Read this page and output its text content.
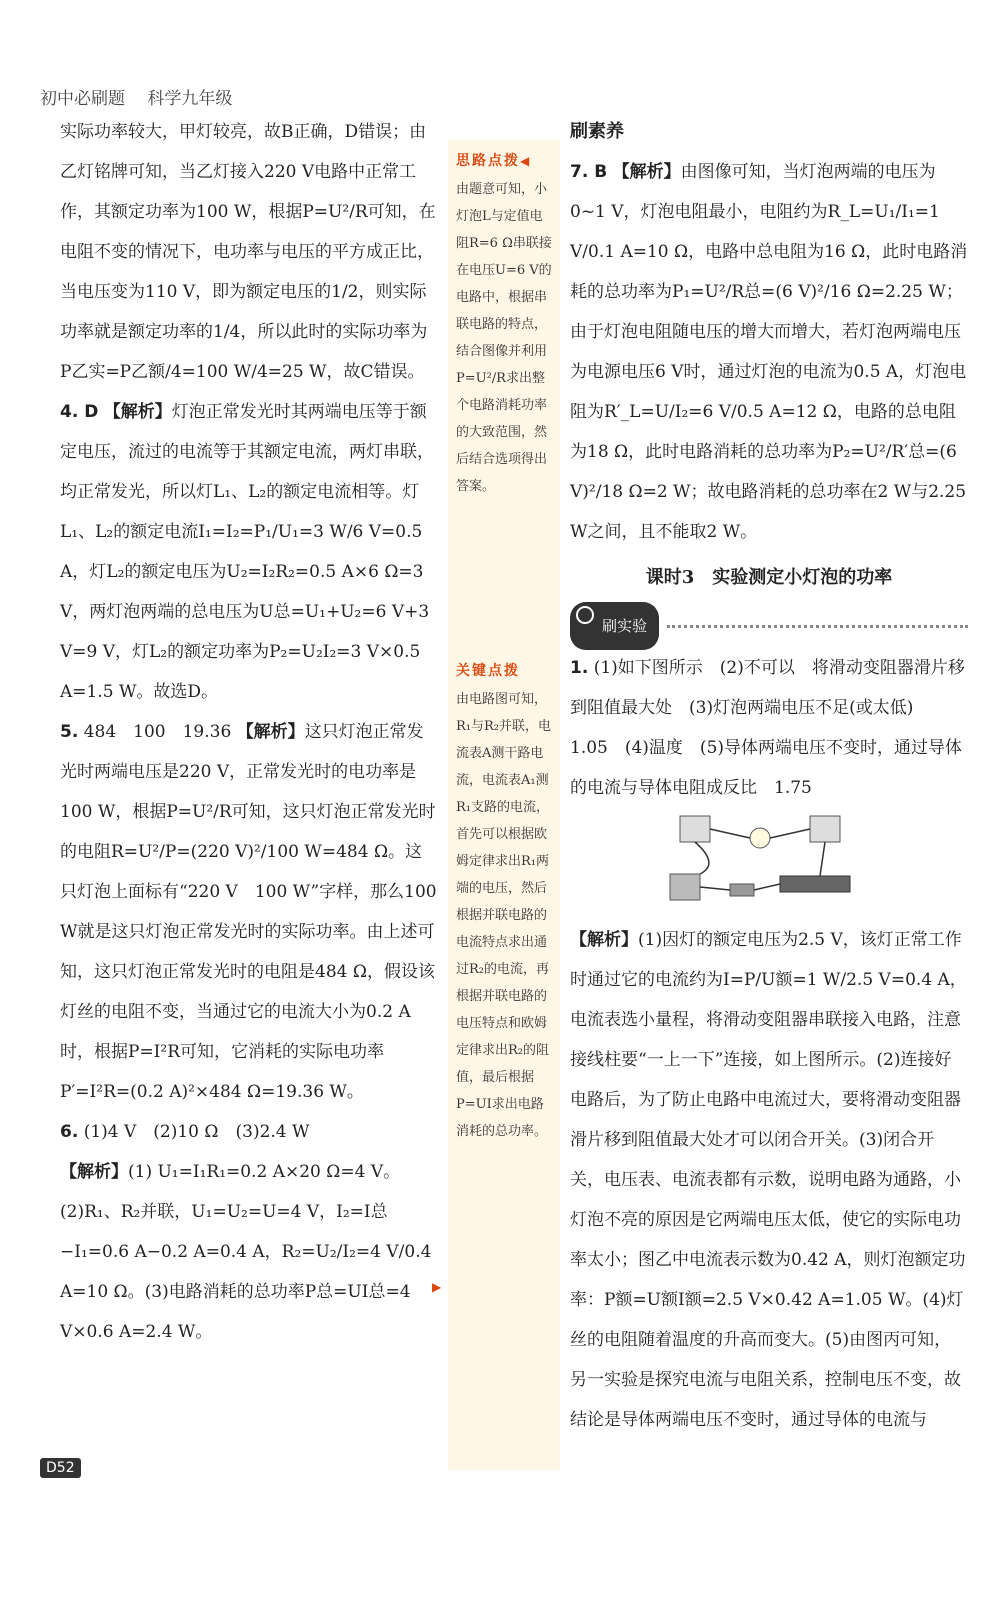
初中必刷题　 科学九年级

实际功率较大，甲灯较亮，故B正确，D错误；由乙灯铭牌可知，当乙灯接入220 V电路中正常工作，其额定功率为100 W，根据P=U²/R可知，在电阻不变的情况下，电功率与电压的平方成正比，当电压变为110 V，即为额定电压的1/2，则实际功率就是额定功率的1/4，所以此时的实际功率为P乙实=P乙额/4=100 W/4=25 W，故C错误。

4. D 【解析】灯泡正常发光时其两端电压等于额定电压，流过的电流等于其额定电流，两灯串联，均正常发光，所以灯L₁、L₂的额定电流相等。灯L₁、L₂的额定电流I₁=I₂=P₁/U₁=3 W/6 V=0.5 A，灯L₂的额定电压为U₂=I₂R₂=0.5 A×6 Ω=3 V，两灯泡两端的总电压为U总=U₁+U₂=6 V+3 V=9 V，灯L₂的额定功率为P₂=U₂I₂=3 V×0.5 A=1.5 W。故选D。

5. 484　100　19.36 【解析】这只灯泡正常发光时两端电压是220 V，正常发光时的电功率是100 W，根据P=U²/R可知，这只灯泡正常发光时的电阻R=U²/P=(220 V)²/100 W=484 Ω。这只灯泡上面标有“220 V　100 W”字样，那么100 W就是这只灯泡正常发光时的实际功率。由上述可知，这只灯泡正常发光时的电阻是484 Ω，假设该灯丝的电阻不变，当通过它的电流大小为0.2 A时，根据P=I²R可知，它消耗的实际电功率P′=I²R=(0.2 A)²×484 Ω=19.36 W。

6. (1)4 V　(2)10 Ω　(3)2.4 W
【解析】(1) U₁=I₁R₁=0.2 A×20 Ω=4 V。(2)R₁、R₂并联，U₁=U₂=U=4 V，I₂=I总−I₁=0.6 A−0.2 A=0.4 A，R₂=U₂/I₂=4 V/0.4 A=10 Ω。(3)电路消耗的总功率P总=UI总=4 V×0.6 A=2.4 W。

思路点拨◀

由题意可知，小灯泡L与定值电阻R=6 Ω串联接在电压U=6 V的电路中，根据串联电路的特点，结合图像并利用P=U²/R求出整个电路消耗功率的大致范围，然后结合选项得出答案。

关键点拨

由电路图可知，R₁与R₂并联，电流表A测干路电流，电流表A₁测R₁支路的电流，首先可以根据欧姆定律求出R₁两端的电压，然后根据并联电路的电流特点求出通过R₂的电流，再根据并联电路的电压特点和欧姆定律求出R₂的阻值，最后根据P=UI求出电路消耗的总功率。

▶

刷素养

7. B 【解析】由图像可知，当灯泡两端的电压为0~1 V，灯泡电阻最小，电阻约为R_L=U₁/I₁=1 V/0.1 A=10 Ω，电路中总电阻为16 Ω，此时电路消耗的总功率为P₁=U²/R总=(6 V)²/16 Ω=2.25 W；由于灯泡电阻随电压的增大而增大，若灯泡两端电压为电源电压6 V时，通过灯泡的电流为0.5 A，灯泡电阻为R′_L=U/I₂=6 V/0.5 A=12 Ω，电路的总电阻为18 Ω，此时电路消耗的总功率为P₂=U²/R′总=(6 V)²/18 Ω=2 W；故电路消耗的总功率在2 W与2.25 W之间，且不能取2 W。

课时3　实验测定小灯泡的功率
刷实验

1. (1)如下图所示　(2)不可以　将滑动变阻器滑片移到阻值最大处　(3)灯泡两端电压不足(或太低)　1.05　(4)温度　(5)导体两端电压不变时，通过导体的电流与导体电阻成反比　1.75

【解析】(1)因灯的额定电压为2.5 V，该灯正常工作时通过它的电流约为I=P/U额=1 W/2.5 V=0.4 A，电流表选小量程，将滑动变阻器串联接入电路，注意接线柱要“一上一下”连接，如上图所示。(2)连接好电路后，为了防止电路中电流过大，要将滑动变阻器滑片移到阻值最大处才可以闭合开关。(3)闭合开关，电压表、电流表都有示数，说明电路为通路，小灯泡不亮的原因是它两端电压太低，使它的实际电功率太小；图乙中电流表示数为0.42 A，则灯泡额定功率：P额=U额I额=2.5 V×0.42 A=1.05 W。(4)灯丝的电阻随着温度的升高而变大。(5)由图丙可知，另一实验是探究电流与电阻关系，控制电压不变，故结论是导体两端电压不变时，通过导体的电流与

D52
